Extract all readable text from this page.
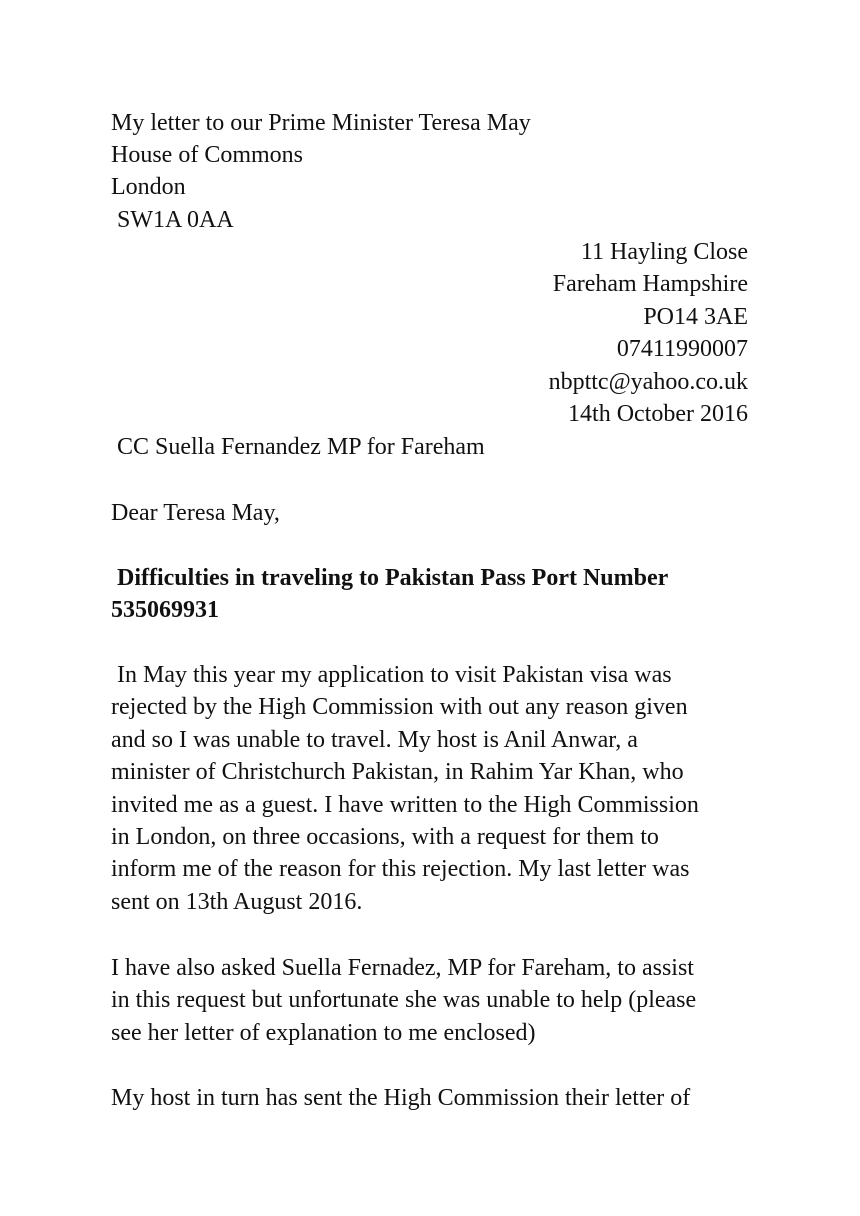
My letter to our Prime Minister Teresa May
House of Commons
London
SW1A 0AA
11 Hayling Close
Fareham Hampshire
PO14 3AE
07411990007
nbpttc@yahoo.co.uk
14th October 2016
CC Suella Fernandez MP for Fareham
Dear Teresa May,
Difficulties in traveling to Pakistan Pass Port Number
535069931
In May this year my application to visit Pakistan visa was
rejected by the High Commission with out any reason given
and so I was unable to travel. My host is Anil Anwar, a
minister of Christchurch Pakistan, in Rahim Yar Khan, who
invited me as a guest. I have written to the High Commission
in London, on three occasions, with a request for them to
inform me of the reason for this rejection. My last letter was
sent on 13th August 2016.
I have also asked Suella Fernadez, MP for Fareham, to assist
in this request but unfortunate she was unable to help (please
see her letter of explanation to me enclosed)
My host in turn has sent the High Commission their letter of
